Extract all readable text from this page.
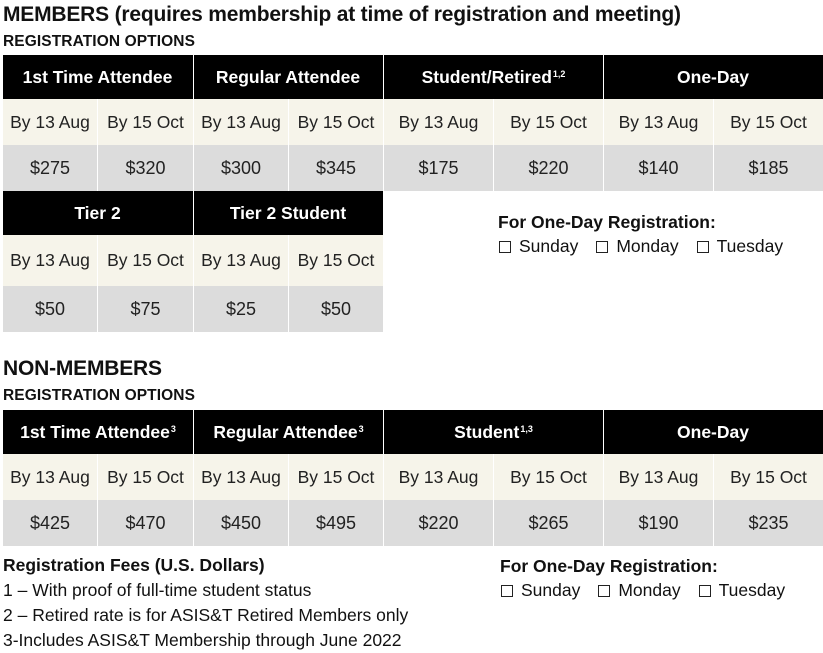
MEMBERS (requires membership at time of registration and meeting)
REGISTRATION OPTIONS
1st Time Attendee
By 13 Aug By 15 Oct
$275	$320
Regular Attendee
By 13 Aug By 15 Oct
$300	$345
Student/Retired$^{1,2}$
By 13 Aug	By 15 Oct
$175	$220
One-Day
By 13 Aug	By 15 Oct
$140	$185
Tier 2
By 13 Aug By 15 Oct
$50	$75
Tier 2 Student
By 13 Aug By 15 Oct
$25	$50
For One-Day Registration:
Sunday Monday Tuesday
NON-MEMBERS
REGISTRATION OPTIONS
1st Time Attendee$^3$
By 13 Aug By 15 Oct
$425	$470
Regular Attendee$^3$
By 13 Aug By 15 Oct
$450	$495
Student$^{1,3}$
By 13 Aug	By 15 Oct
$220	$265
One-Day
By 13 Aug	By 15 Oct
$190	$235
Registration Fees (U.S. Dollars)
1 – With proof of full-time student status
2 – Retired rate is for ASIS&T Retired Members only
3-Includes ASIS&T Membership through June 2022
For One-Day Registration:
Sunday Monday Tuesday
